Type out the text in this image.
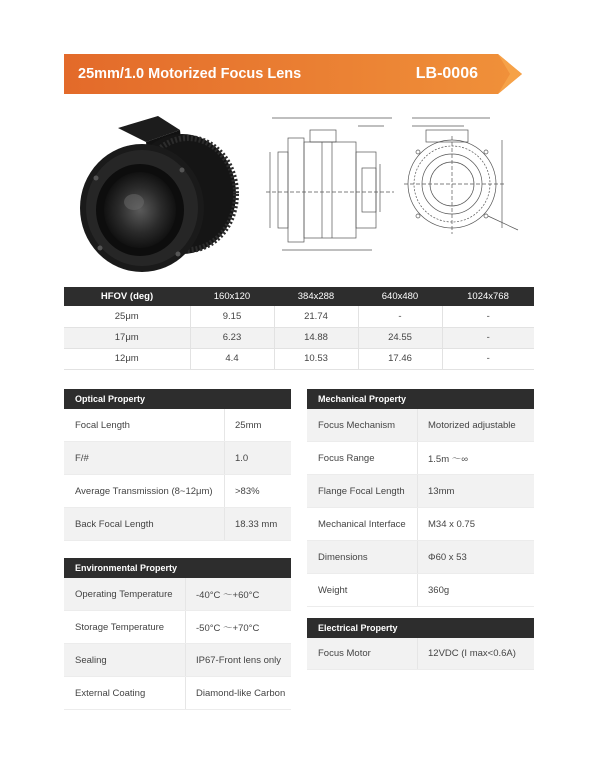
25mm/1.0 Motorized Focus Lens	LB-0006
HFOV (deg)	160x120	384x288	640x480	1024x768
25μm	9.15	21.74	-	-
17μm	6.23	14.88	24.55	-
12μm	4.4	10.53	17.46	-
Optical Property
Focal Length	25mm
F/#	1.0
Average Transmission (8~12μm)	>83%
Back Focal Length	18.33 mm
Mechanical Property
Focus Mechanism	Motorized adjustable
Focus Range	1.5m ～∞
Flange Focal Length	13mm
Mechanical Interface	M34 x 0.75
Dimensions	Φ60 x 53
Weight	360g
Environmental Property
Operating Temperature	-40°C ～+60°C
Storage Temperature	-50°C ～+70°C
Sealing	IP67-Front lens only
External Coating	Diamond-like Carbon
Electrical Property
Focus Motor	12VDC (I max<0.6A)
